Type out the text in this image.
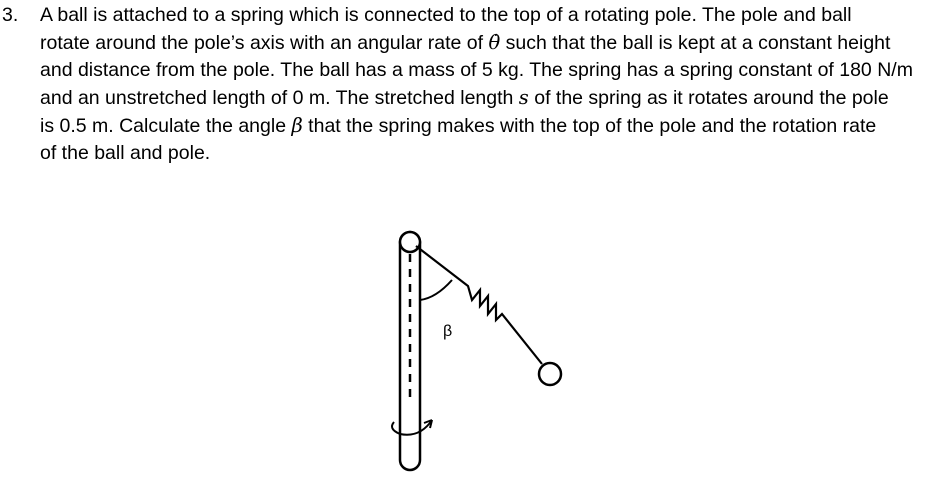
3. A ball is attached to a spring which is connected to the top of a rotating pole. The pole and ball
rotate around the pole’s axis with an angular rate of θ̇ such that the ball is kept at a constant height
and distance from the pole. The ball has a mass of 5 kg. The spring has a spring constant of 180 N/m
and an unstretched length of 0 m. The stretched length s of the spring as it rotates around the pole
is 0.5 m. Calculate the angle β that the spring makes with the top of the pole and the rotation rate
of the ball and pole.
β
